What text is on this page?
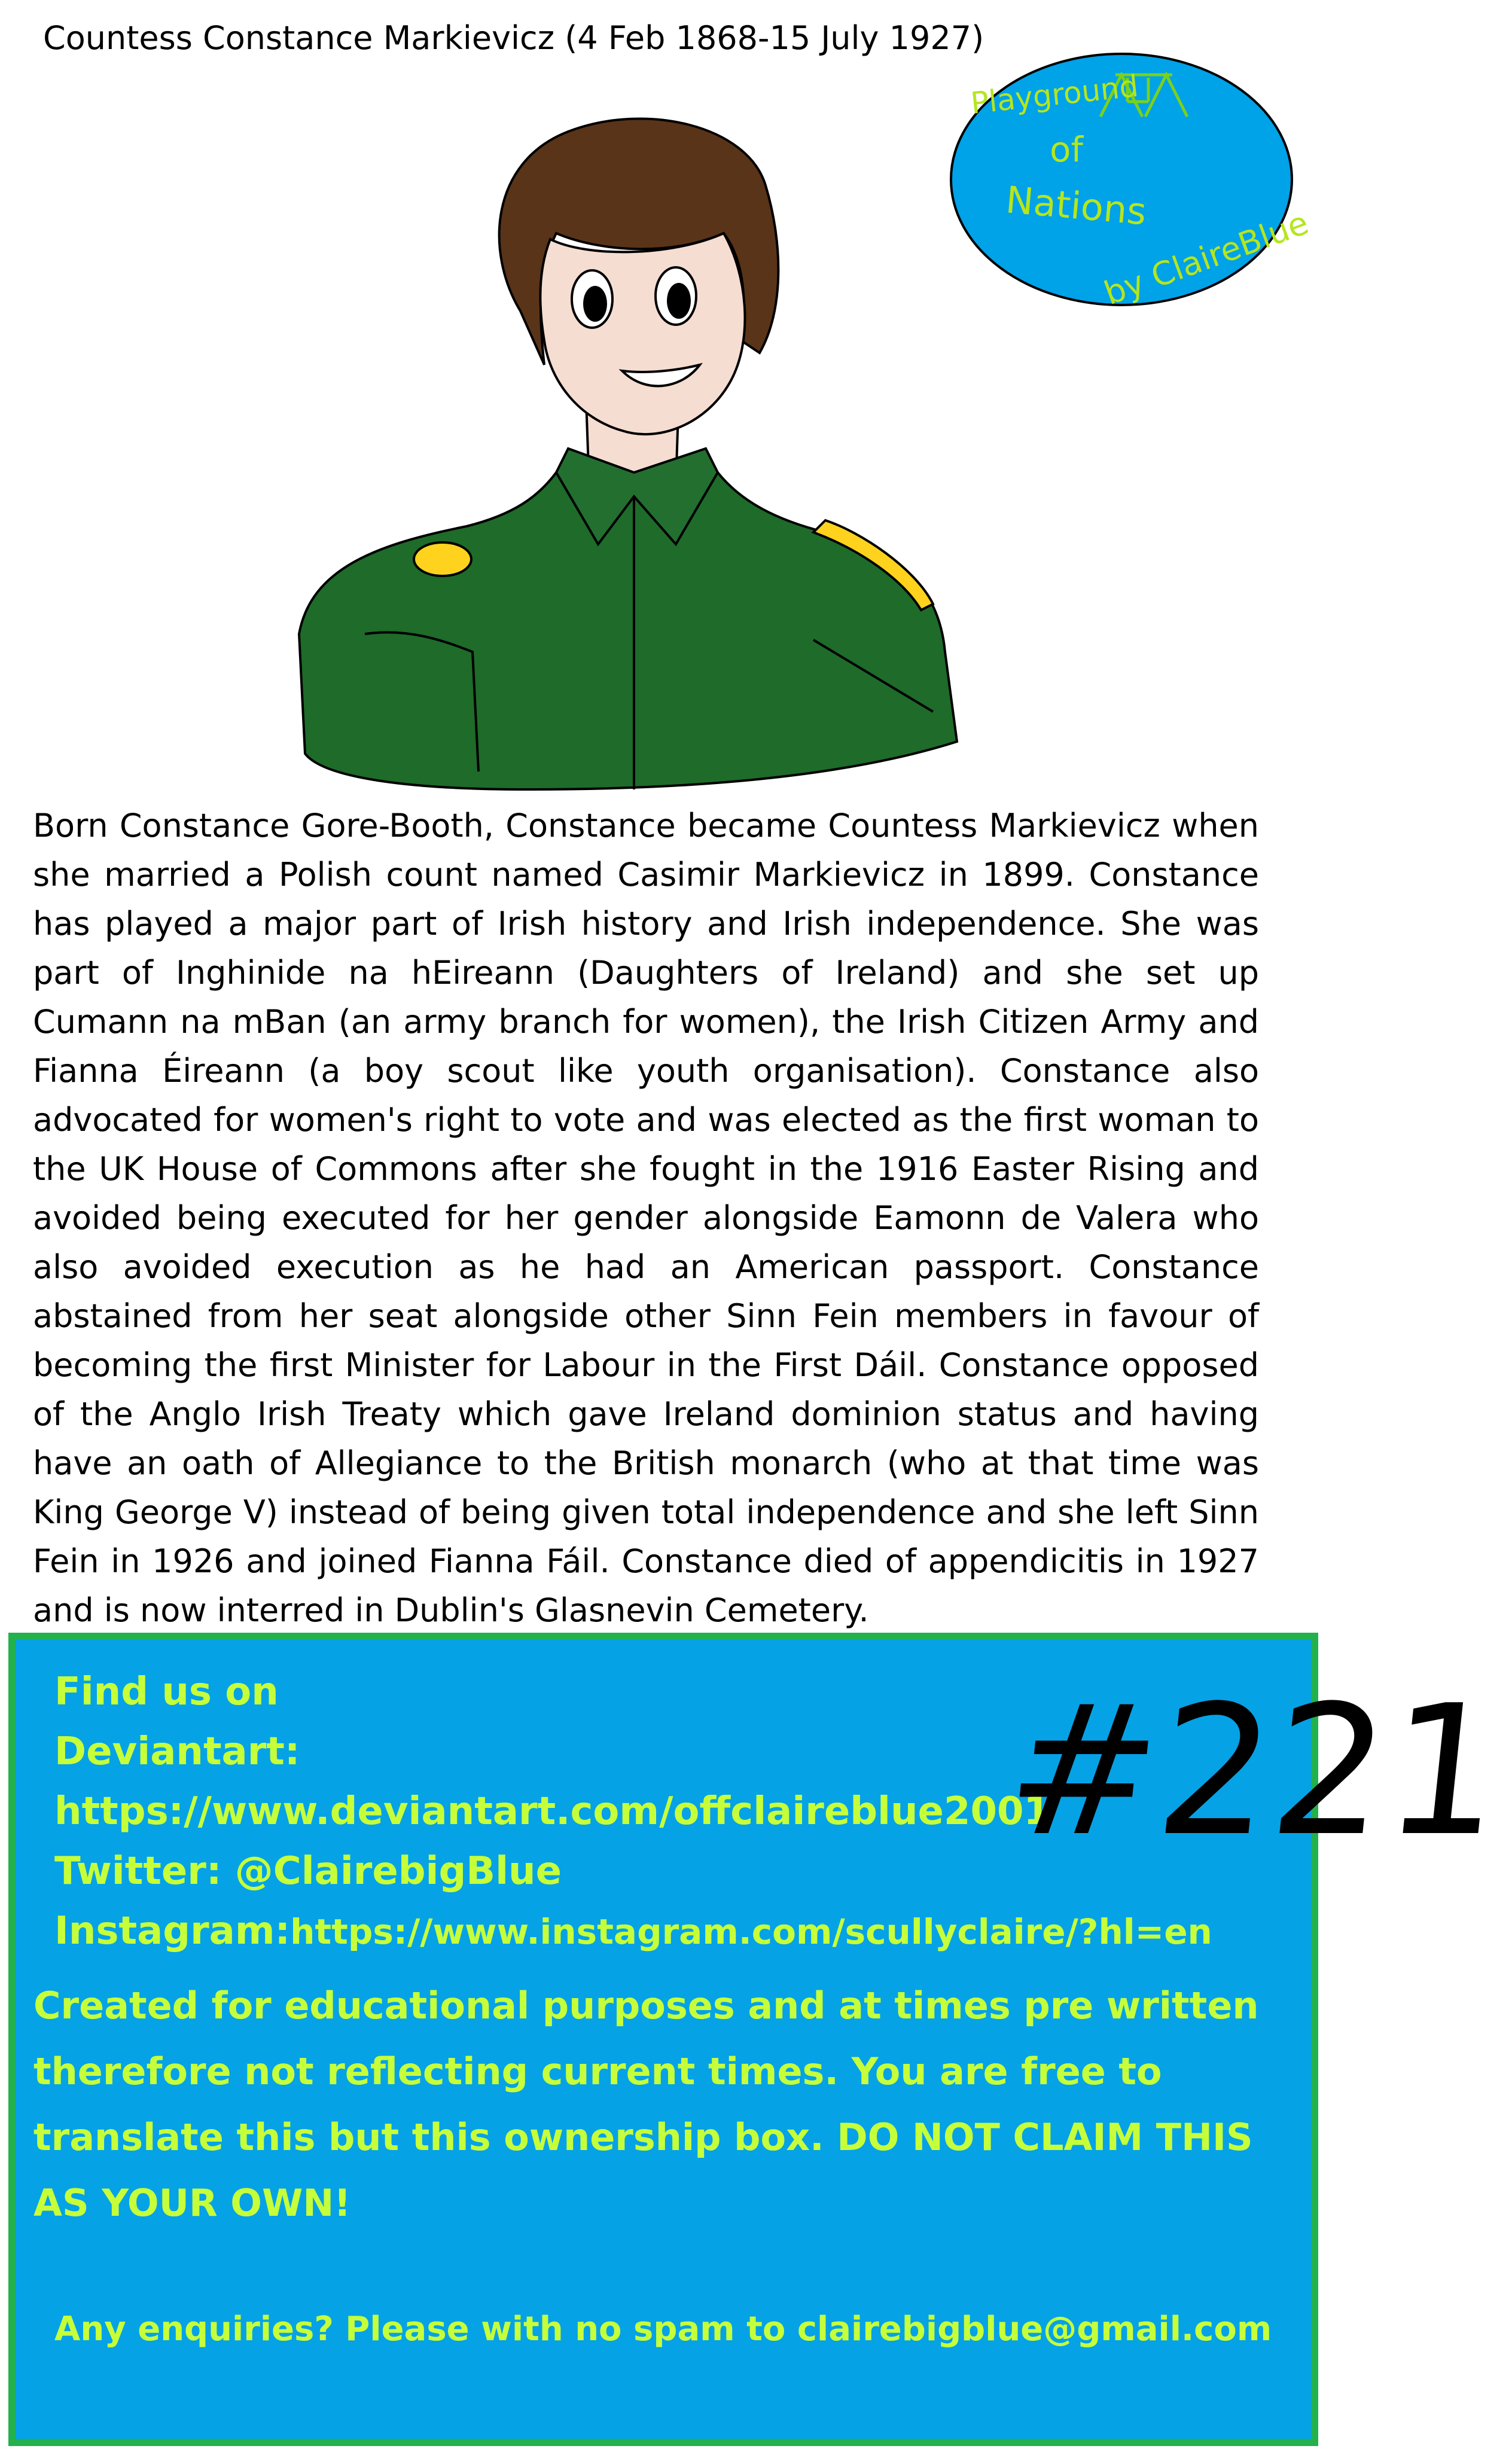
Countess Constance Markievicz (4 Feb 1868-15 July 1927)
Playground
of
Nations
by ClaireBlue
Born Constance Gore-Booth, Constance became Countess Markievicz when she married a Polish count named Casimir Markievicz in 1899. Constance has played a major part of Irish history and Irish independence. She was part of Inghinide na hEireann (Daughters of Ireland) and she set up Cumann na mBan (an army branch for women), the Irish Citizen Army and Fianna Éireann (a boy scout like youth organisation). Constance also advocated for women's right to vote and was elected as the first woman to the UK House of Commons after she fought in the 1916 Easter Rising and avoided being executed for her gender alongside Eamonn de Valera who also avoided execution as he had an American passport. Constance abstained from her seat alongside other Sinn Fein members in favour of becoming the first Minister for Labour in the First Dáil. Constance opposed of the Anglo Irish Treaty which gave Ireland dominion status and having have an oath of Allegiance to the British monarch (who at that time was King George V) instead of being given total independence and she left Sinn Fein in 1926 and joined Fianna Fáil. Constance died of appendicitis in 1927 and is now interred in Dublin's Glasnevin Cemetery.
Find us on
Deviantart:
https://www.deviantart.com/offclaireblue2001
Twitter: @ClairebigBlue
Instagram:https://www.instagram.com/scullyclaire/?hl=en
Created for educational purposes and at times pre written
therefore not reflecting current times. You are free to
translate this but this ownership box. DO NOT CLAIM THIS
AS YOUR OWN!
Any enquiries? Please with no spam to clairebigblue@gmail.com
#221
